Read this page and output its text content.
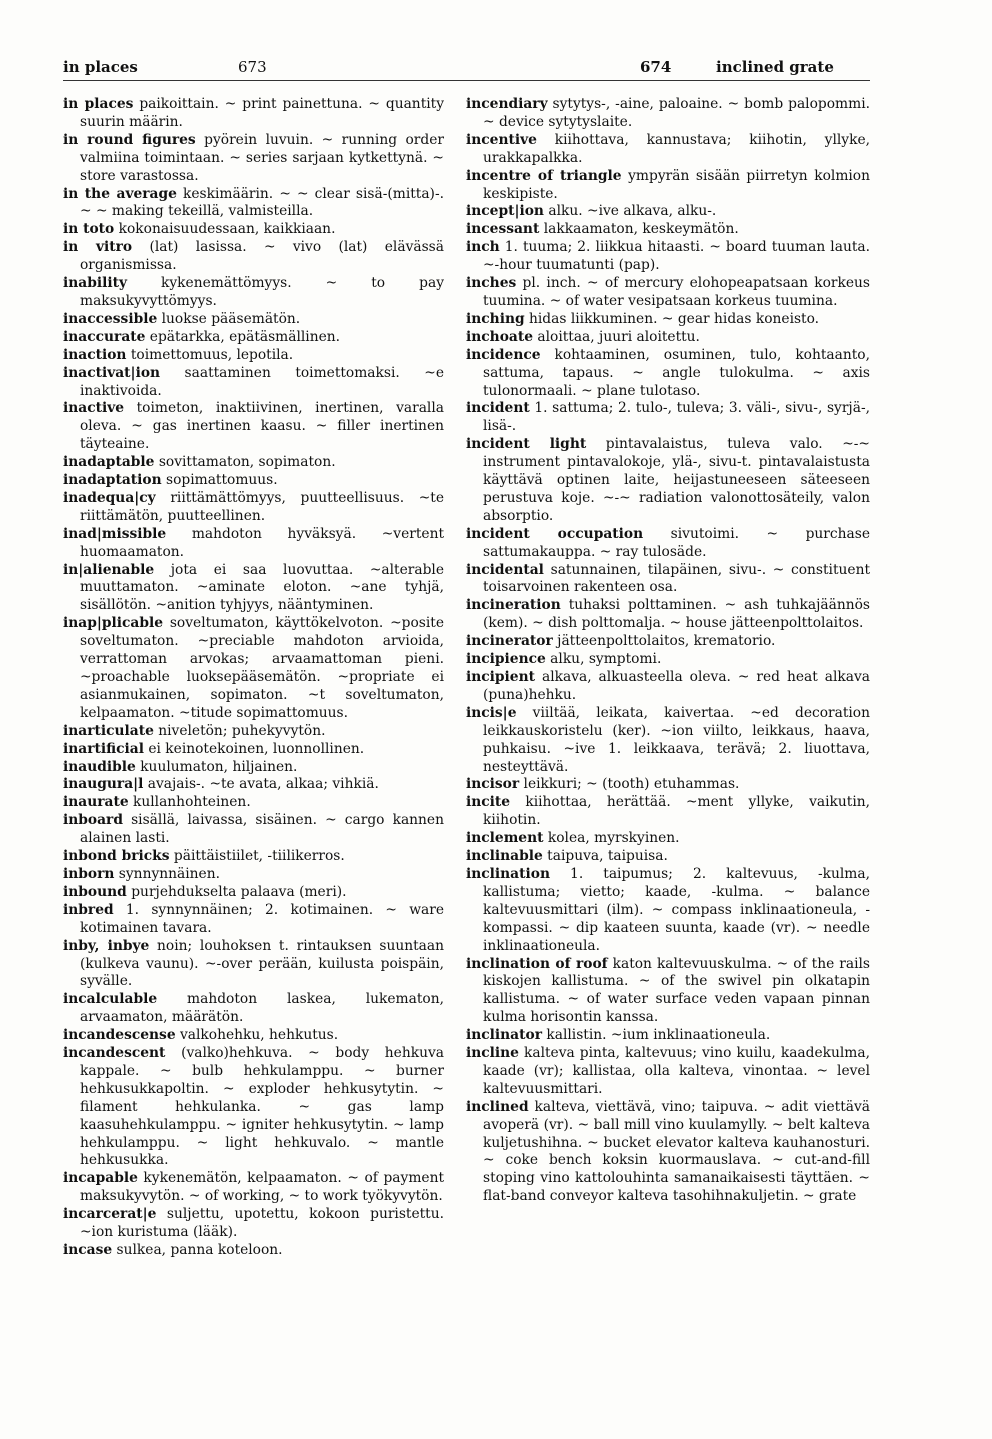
in places	673	674	inclined grate

in places paikoittain. ~ print painettuna. ~ quantity suurin määrin.

in round figures pyörein luvuin. ~ running order valmiina toimintaan. ~ series sarjaan kytkettynä. ~ store varastossa.

in the average keskimäärin. ~ ~ clear sisä-(mitta)-. ~ ~ making tekeillä, valmisteilla.

in toto kokonaisuudessaan, kaikkiaan.

in vitro (lat) lasissa. ~ vivo (lat) elävässä organismissa.

inability kykenemättömyys. ~ to pay maksukyvyttömyys.

inaccessible luokse pääsemätön.

inaccurate epätarkka, epätäsmällinen.

inaction toimettomuus, lepotila.

inactivat|ion saattaminen toimettomaksi. ~e inaktivoida.

inactive toimeton, inaktiivinen, inertinen, varalla oleva. ~ gas inertinen kaasu. ~ filler inertinen täyteaine.

inadaptable sovittamaton, sopimaton.

inadaptation sopimattomuus.

inadequa|cy riittämättömyys, puutteellisuus. ~te riittämätön, puutteellinen.

inad|missible mahdoton hyväksyä. ~vertent huomaamaton.

in|alienable jota ei saa luovuttaa. ~alterable muuttamaton. ~aminate eloton. ~ane tyhjä, sisällötön. ~anition tyhjyys, nääntyminen.

inap|plicable soveltumaton, käyttökelvoton. ~posite soveltumaton. ~preciable mahdoton arvioida, verrattoman arvokas; arvaamattoman pieni. ~proachable luoksepääsemätön. ~propriate ei asianmukainen, sopimaton. ~t soveltumaton, kelpaamaton. ~titude sopimattomuus.

inarticulate niveletön; puhekyvytön.

inartificial ei keinotekoinen, luonnollinen.

inaudible kuulumaton, hiljainen.

inaugura|l avajais-. ~te avata, alkaa; vihkiä.

inaurate kullanhohteinen.

inboard sisällä, laivassa, sisäinen. ~ cargo kannen alainen lasti.

inbond bricks päittäistiilet, -tiilikerros.

inborn synnynnäinen.

inbound purjehdukselta palaava (meri).

inbred 1. synnynnäinen; 2. kotimainen. ~ ware kotimainen tavara.

inby, inbye noin; louhoksen t. rintauksen suuntaan (kulkeva vaunu). ~-over perään, kuilusta poispäin, syvälle.

incalculable mahdoton laskea, lukematon, arvaamaton, määrätön.

incandescense valkohehku, hehkutus.

incandescent (valko)hehkuva. ~ body hehkuva kappale. ~ bulb hehkulamppu. ~ burner hehkusukkapoltin. ~ exploder hehkusytytin. ~ filament hehkulanka. ~ gas lamp kaasuhehkulamppu. ~ igniter hehkusytytin. ~ lamp hehkulamppu. ~ light hehkuvalo. ~ mantle hehkusukka.

incapable kykenemätön, kelpaamaton. ~ of payment maksukyvytön. ~ of working, ~ to work työkyvytön.

incarcerat|e suljettu, upotettu, kokoon puristettu. ~ion kuristuma (lääk).

incase sulkea, panna koteloon.

incendiary sytytys-, -aine, paloaine. ~ bomb palopommi. ~ device sytytyslaite.

incentive kiihottava, kannustava; kiihotin, yllyke, urakkapalkka.

incentre of triangle ympyrän sisään piirretyn kolmion keskipiste.

incept|ion alku. ~ive alkava, alku-.

incessant lakkaamaton, keskeymätön.

inch 1. tuuma; 2. liikkua hitaasti. ~ board tuuman lauta. ~-hour tuumatunti (pap).

inches pl. inch. ~ of mercury elohopeapatsaan korkeus tuumina. ~ of water vesipatsaan korkeus tuumina.

inching hidas liikkuminen. ~ gear hidas koneisto.

inchoate aloittaa, juuri aloitettu.

incidence kohtaaminen, osuminen, tulo, kohtaanto, sattuma, tapaus. ~ angle tulokulma. ~ axis tulonormaali. ~ plane tulotaso.

incident 1. sattuma; 2. tulo-, tuleva; 3. väli-, sivu-, syrjä-, lisä-.

incident light pintavalaistus, tuleva valo. ~-~ instrument pintavalokoje, ylä-, sivu-t. pintavalaistusta käyttävä optinen laite, heijastuneeseen säteeseen perustuva koje. ~-~ radiation valonottosäteily, valon absorptio.

incident occupation sivutoimi. ~ purchase sattumakauppa. ~ ray tulosäde.

incidental satunnainen, tilapäinen, sivu-. ~ constituent toisarvoinen rakenteen osa.

incineration tuhaksi polttaminen. ~ ash tuhkajäännös (kem). ~ dish polttomalja. ~ house jätteenpolttolaitos.

incinerator jätteenpolttolaitos, krematorio.

incipience alku, symptomi.

incipient alkava, alkuasteella oleva. ~ red heat alkava (puna)hehku.

incis|e viiltää, leikata, kaivertaa. ~ed decoration leikkauskoristelu (ker). ~ion viilto, leikkaus, haava, puhkaisu. ~ive 1. leikkaava, terävä; 2. liuottava, nesteyttävä.

incisor leikkuri; ~ (tooth) etuhammas.

incite kiihottaa, herättää. ~ment yllyke, vaikutin, kiihotin.

inclement kolea, myrskyinen.

inclinable taipuva, taipuisa.

inclination 1. taipumus; 2. kaltevuus, -kulma, kallistuma; vietto; kaade, -kulma. ~ balance kaltevuusmittari (ilm). ~ compass inklinaationeula, -kompassi. ~ dip kaateen suunta, kaade (vr). ~ needle inklinaationeula.

inclination of roof katon kaltevuuskulma. ~ of the rails kiskojen kallistuma. ~ of the swivel pin olkatapin kallistuma. ~ of water surface veden vapaan pinnan kulma horisontin kanssa.

inclinator kallistin. ~ium inklinaationeula.

incline kalteva pinta, kaltevuus; vino kuilu, kaadekulma, kaade (vr); kallistaa, olla kalteva, vinontaa. ~ level kaltevuusmittari.

inclined kalteva, viettävä, vino; taipuva. ~ adit viettävä avoperä (vr). ~ ball mill vino kuulamylly. ~ belt kalteva kuljetushihna. ~ bucket elevator kalteva kauhanosturi. ~ coke bench koksin kuormauslava. ~ cut-and-fill stoping vino kattolouhinta samanaikaisesti täyttäen. ~ flat-band conveyor kalteva tasohihnakuljetin. ~ grate
